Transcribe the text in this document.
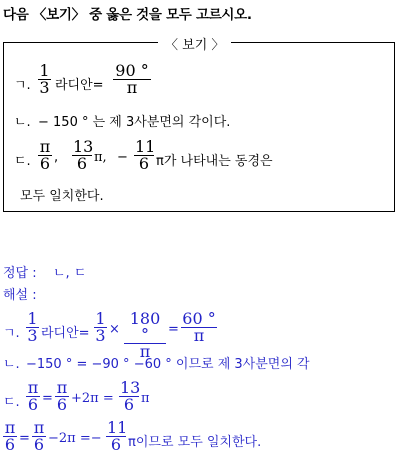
다음 〈보기〉 중 옳은 것을 모두 고르시오.
〈 보기 〉
ㄱ. $\frac{1}{3}$ 라디안= $\frac{90 ^\circ}{\pi}$
ㄴ. − 150 ° 는 제 3사분면의 각이다.
ㄷ. $\frac{\pi}{6}$ , $\frac{13}{6} \pi$, − $\frac{11}{6}$ π가 나타내는 동경은
모두 일치한다.
정답 : ㄴ, ㄷ
해설 :
ㄱ. $\frac{1}{3}$ 라디안= $\frac{1}{3} \times \frac{180 ^\circ}{\pi} = \frac{60 ^\circ}{\pi}$
ㄴ. −150 ° = −90 ° −60 ° 이므로 제 3사분면의 각
ㄷ. $\frac{\pi}{6} = \frac{\pi}{6} +2\pi = \frac{13}{6}$ π
$\frac{\pi}{6} = \frac{\pi}{6} -2\pi =- \frac{11}{6}$ π이므로 모두 일치한다.
